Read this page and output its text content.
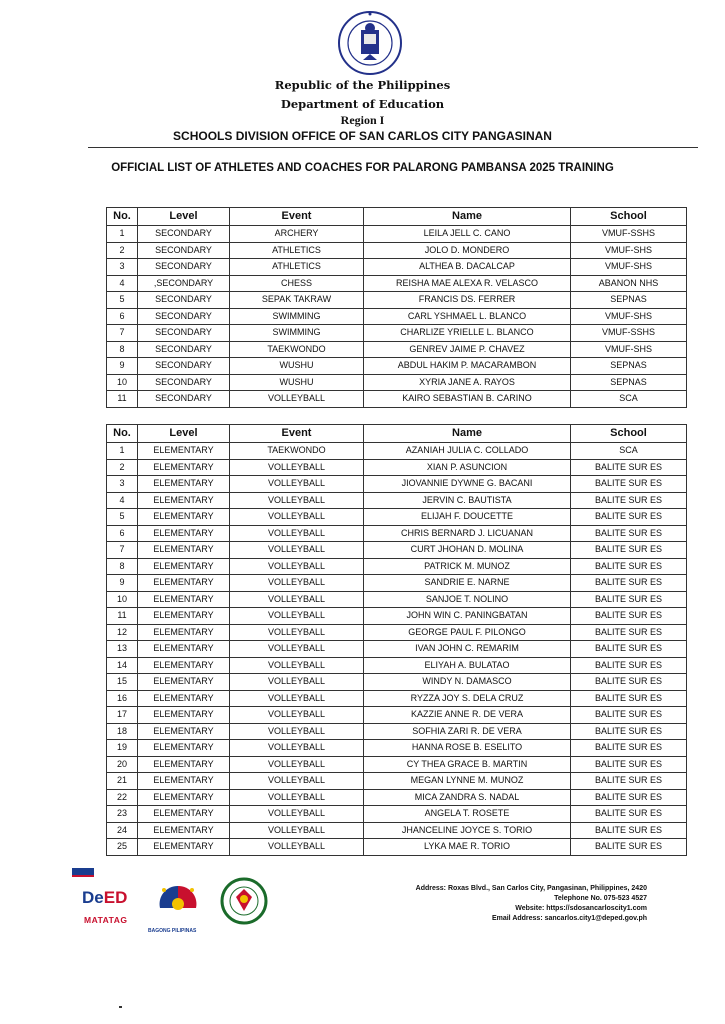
Republic of the Philippines
Department of Education
Region I
SCHOOLS DIVISION OFFICE OF SAN CARLOS CITY PANGASINAN
OFFICIAL LIST OF ATHLETES AND COACHES FOR PALARONG PAMBANSA 2025 TRAINING
No.	Level	Event	Name	School
1	SECONDARY	ARCHERY	LEILA JELL C. CANO	VMUF-SSHS
2	SECONDARY	ATHLETICS	JOLO D. MONDERO	VMUF-SHS
3	SECONDARY	ATHLETICS	ALTHEA B. DACALCAP	VMUF-SHS
4	,SECONDARY	CHESS	REISHA MAE ALEXA R. VELASCO	ABANON NHS
5	SECONDARY	SEPAK TAKRAW	FRANCIS DS. FERRER	SEPNAS
6	SECONDARY	SWIMMING	CARL YSHMAEL L. BLANCO	VMUF-SHS
7	SECONDARY	SWIMMING	CHARLIZE YRIELLE L. BLANCO	VMUF-SSHS
8	SECONDARY	TAEKWONDO	GENREV JAIME P. CHAVEZ	VMUF-SHS
9	SECONDARY	WUSHU	ABDUL HAKIM P. MACARAMBON	SEPNAS
10	SECONDARY	WUSHU	XYRIA JANE A. RAYOS	SEPNAS
11	SECONDARY	VOLLEYBALL	KAIRO SEBASTIAN B. CARINO	SCA
No.	Level	Event	Name	School
1	ELEMENTARY	TAEKWONDO	AZANIAH JULIA C. COLLADO	SCA
2	ELEMENTARY	VOLLEYBALL	XIAN P. ASUNCION	BALITE SUR ES
3	ELEMENTARY	VOLLEYBALL	JIOVANNIE DYWNE G. BACANI	BALITE SUR ES
4	ELEMENTARY	VOLLEYBALL	JERVIN C. BAUTISTA	BALITE SUR ES
5	ELEMENTARY	VOLLEYBALL	ELIJAH F. DOUCETTE	BALITE SUR ES
6	ELEMENTARY	VOLLEYBALL	CHRIS BERNARD J. LICUANAN	BALITE SUR ES
7	ELEMENTARY	VOLLEYBALL	CURT JHOHAN D. MOLINA	BALITE SUR ES
8	ELEMENTARY	VOLLEYBALL	PATRICK M. MUNOZ	BALITE SUR ES
9	ELEMENTARY	VOLLEYBALL	SANDRIE E. NARNE	BALITE SUR ES
10	ELEMENTARY	VOLLEYBALL	SANJOE T. NOLINO	BALITE SUR ES
11	ELEMENTARY	VOLLEYBALL	JOHN WIN C. PANINGBATAN	BALITE SUR ES
12	ELEMENTARY	VOLLEYBALL	GEORGE PAUL F. PILONGO	BALITE SUR ES
13	ELEMENTARY	VOLLEYBALL	IVAN JOHN C. REMARIM	BALITE SUR ES
14	ELEMENTARY	VOLLEYBALL	ELIYAH A. BULATAO	BALITE SUR ES
15	ELEMENTARY	VOLLEYBALL	WINDY N. DAMASCO	BALITE SUR ES
16	ELEMENTARY	VOLLEYBALL	RYZZA JOY S. DELA CRUZ	BALITE SUR ES
17	ELEMENTARY	VOLLEYBALL	KAZZIE ANNE R. DE VERA	BALITE SUR ES
18	ELEMENTARY	VOLLEYBALL	SOFHIA ZARI R. DE VERA	BALITE SUR ES
19	ELEMENTARY	VOLLEYBALL	HANNA ROSE B. ESELITO	BALITE SUR ES
20	ELEMENTARY	VOLLEYBALL	CY THEA GRACE B. MARTIN	BALITE SUR ES
21	ELEMENTARY	VOLLEYBALL	MEGAN LYNNE M. MUNOZ	BALITE SUR ES
22	ELEMENTARY	VOLLEYBALL	MICA ZANDRA S. NADAL	BALITE SUR ES
23	ELEMENTARY	VOLLEYBALL	ANGELA T. ROSETE	BALITE SUR ES
24	ELEMENTARY	VOLLEYBALL	JHANCELINE JOYCE S. TORIO	BALITE SUR ES
25	ELEMENTARY	VOLLEYBALL	LYKA MAE R. TORIO	BALITE SUR ES
DeED
MATATAG
BAGONG PILIPINAS
Address: Roxas Blvd., San Carlos City, Pangasinan, Philippines, 2420
Telephone No. 075-523 4527
Website: https://sdosancarloscity1.com
Email Address: sancarlos.city1@deped.gov.ph
